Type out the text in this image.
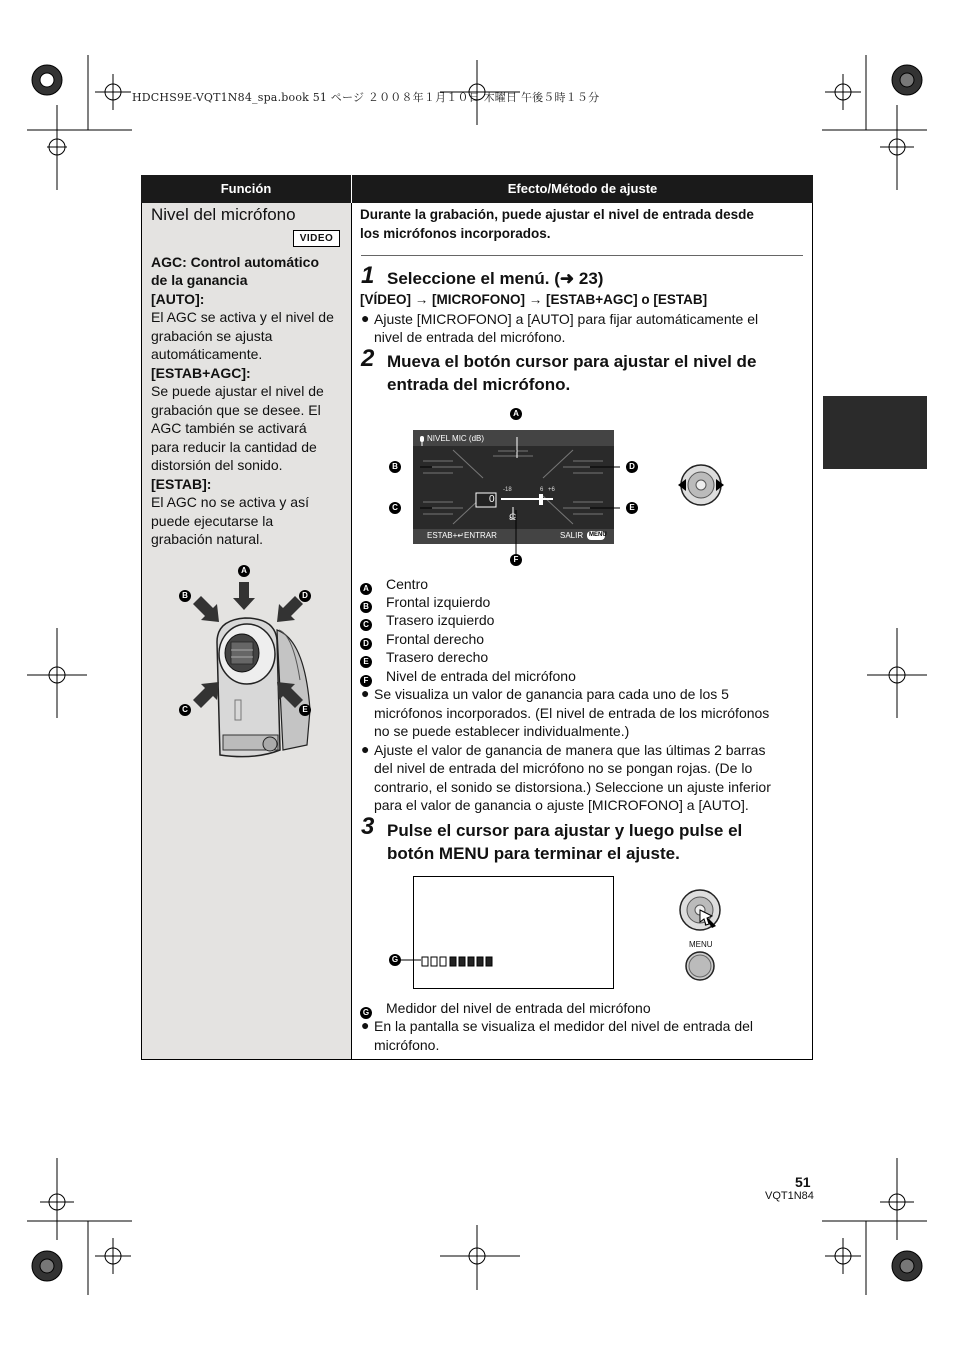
HDCHS9E-VQT1N84_spa.book 51 ページ ２００８年１月１０日 木曜日 午後５時１５分
Función	Efecto/Método de ajuste
Nivel del micrófono
VIDEO
AGC: Control automático
de la ganancia
[AUTO]:
El AGC se activa y el nivel de
grabación se ajusta
automáticamente.
[ESTAB+AGC]:
Se puede ajustar el nivel de
grabación que se desee. El
AGC también se activará
para reducir la cantidad de
distorsión del sonido.
[ESTAB]:
El AGC no se activa y así
puede ejecutarse la
grabación natural.
A
B	D
C	E
Durante la grabación, puede ajustar el nivel de entrada desde
los micrófonos incorporados.
1 Seleccione el menú. (➜ 23)
[VÍDEO] → [MICROFONO] → [ESTAB+AGC] o [ESTAB]
● Ajuste [MICROFONO] a [AUTO] para fijar automáticamente el
nivel de entrada del micrófono.
2 Mueva el botón cursor para ajustar el nivel de
entrada del micrófono.
☊
NIVEL MIC (dB)
0
-18	6 +6
ESTAB+↵ENTRAR	SALIR MENU
A
B	D
C	E
F
A Centro
B Frontal izquierdo
C Trasero izquierdo
D Frontal derecho
E Trasero derecho
F Nivel de entrada del micrófono
● Se visualiza un valor de ganancia para cada uno de los 5
micrófonos incorporados. (El nivel de entrada de los micrófonos
no se puede establecer individualmente.)
● Ajuste el valor de ganancia de manera que las últimas 2 barras
del nivel de entrada del micrófono no se pongan rojas. (De lo
contrario, el sonido se distorsiona.) Seleccione un ajuste inferior
para el valor de ganancia o ajuste [MICROFONO] a [AUTO].
3 Pulse el cursor para ajustar y luego pulse el
botón MENU para terminar el ajuste.
G
MENU
G Medidor del nivel de entrada del micrófono
● En la pantalla se visualiza el medidor del nivel de entrada del
micrófono.
51
VQT1N84
